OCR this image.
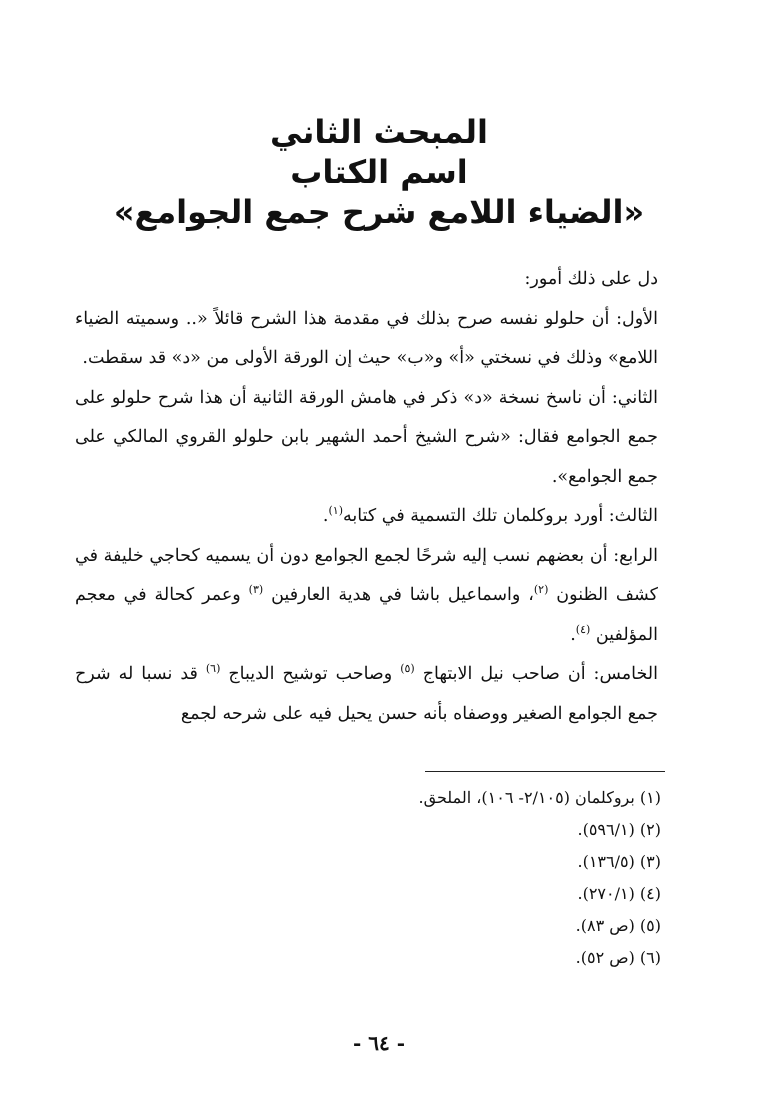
المبحث الثاني
اسم الكتاب
«الضياء اللامع شرح جمع الجوامع»

دل على ذلك أمور:

الأول: أن حلولو نفسه صرح بذلك في مقدمة هذا الشرح قائلاً «.. وسميته الضياء اللامع» وذلك في نسختي «أ» و«ب» حيث إن الورقة الأولى من «د» قد سقطت.

الثاني: أن ناسخ نسخة «د» ذكر في هامش الورقة الثانية أن هذا شرح حلولو على جمع الجوامع فقال: «شرح الشيخ أحمد الشهير بابن حلولو القروي المالكي على جمع الجوامع».

الثالث: أورد بروكلمان تلك التسمية في كتابه$^{(١)}$.

الرابع: أن بعضهم نسب إليه شرحًا لجمع الجوامع دون أن يسميه كحاجي خليفة في كشف الظنون $^{(٢)}$، واسماعيل باشا في هدية العارفين $^{(٣)}$ وعمر كحالة في معجم المؤلفين $^{(٤)}$.

الخامس: أن صاحب نيل الابتهاج $^{(٥)}$ وصاحب توشيح الديباج $^{(٦)}$ قد نسبا له شرح جمع الجوامع الصغير ووصفاه بأنه حسن يحيل فيه على شرحه لجمع

(١) بروكلمان (٢/١٠٥- ١٠٦)، الملحق.
(٢) (٥٩٦/١).
(٣) (١٣٦/٥).
(٤) (٢٧٠/١).
(٥) (ص ٨٣).
(٦) (ص ٥٢).
- ٦٤ -
